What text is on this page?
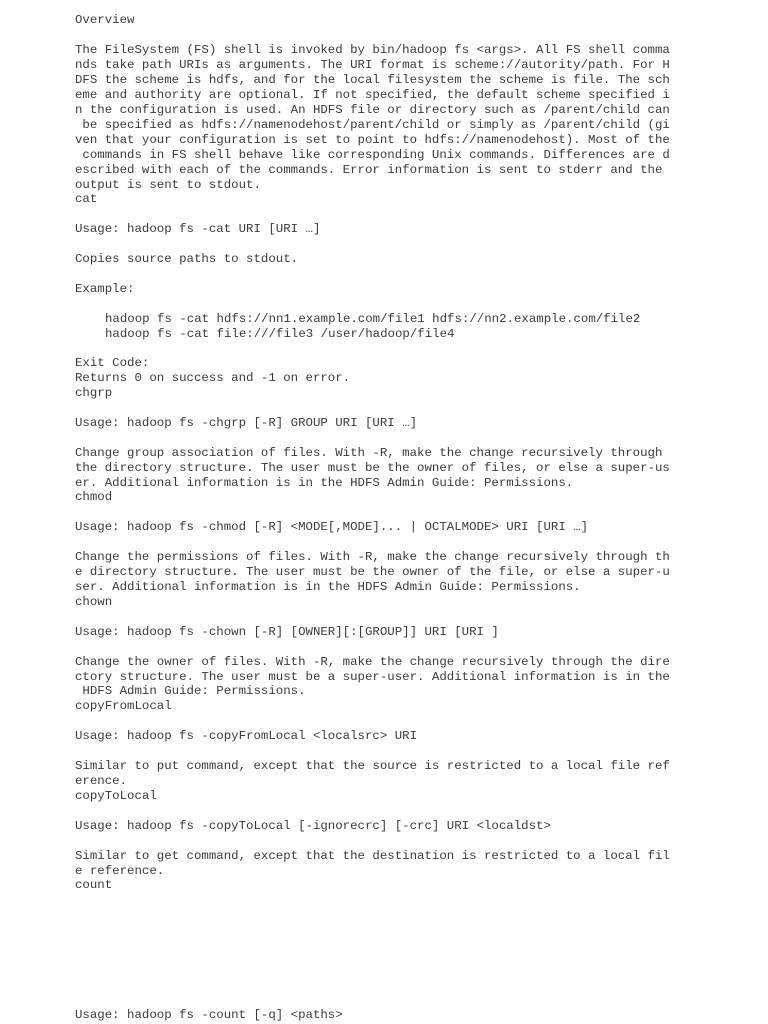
Overview
The FileSystem (FS) shell is invoked by bin/hadoop fs <args>. All FS shell comma
nds take path URIs as arguments. The URI format is scheme://autority/path. For H
DFS the scheme is hdfs, and for the local filesystem the scheme is file. The sch
eme and authority are optional. If not specified, the default scheme specified i
n the configuration is used. An HDFS file or directory such as /parent/child can
be specified as hdfs://namenodehost/parent/child or simply as /parent/child (gi
ven that your configuration is set to point to hdfs://namenodehost). Most of the
commands in FS shell behave like corresponding Unix commands. Differences are d
escribed with each of the commands. Error information is sent to stderr and the
output is sent to stdout.
cat
Usage: hadoop fs -cat URI [URI …]
Copies source paths to stdout.
Example:
hadoop fs -cat hdfs://nn1.example.com/file1 hdfs://nn2.example.com/file2
hadoop fs -cat file:///file3 /user/hadoop/file4
Exit Code:
Returns 0 on success and -1 on error.
chgrp
Usage: hadoop fs -chgrp [-R] GROUP URI [URI …]
Change group association of files. With -R, make the change recursively through
the directory structure. The user must be the owner of files, or else a super-us
er. Additional information is in the HDFS Admin Guide: Permissions.
chmod
Usage: hadoop fs -chmod [-R] <MODE[,MODE]... | OCTALMODE> URI [URI …]
Change the permissions of files. With -R, make the change recursively through th
e directory structure. The user must be the owner of the file, or else a super-u
ser. Additional information is in the HDFS Admin Guide: Permissions.
chown
Usage: hadoop fs -chown [-R] [OWNER][:[GROUP]] URI [URI ]
Change the owner of files. With -R, make the change recursively through the dire
ctory structure. The user must be a super-user. Additional information is in the
HDFS Admin Guide: Permissions.
copyFromLocal
Usage: hadoop fs -copyFromLocal <localsrc> URI
Similar to put command, except that the source is restricted to a local file ref
erence.
copyToLocal
Usage: hadoop fs -copyToLocal [-ignorecrc] [-crc] URI <localdst>
Similar to get command, except that the destination is restricted to a local fil
e reference.
count
Usage: hadoop fs -count [-q] <paths>
